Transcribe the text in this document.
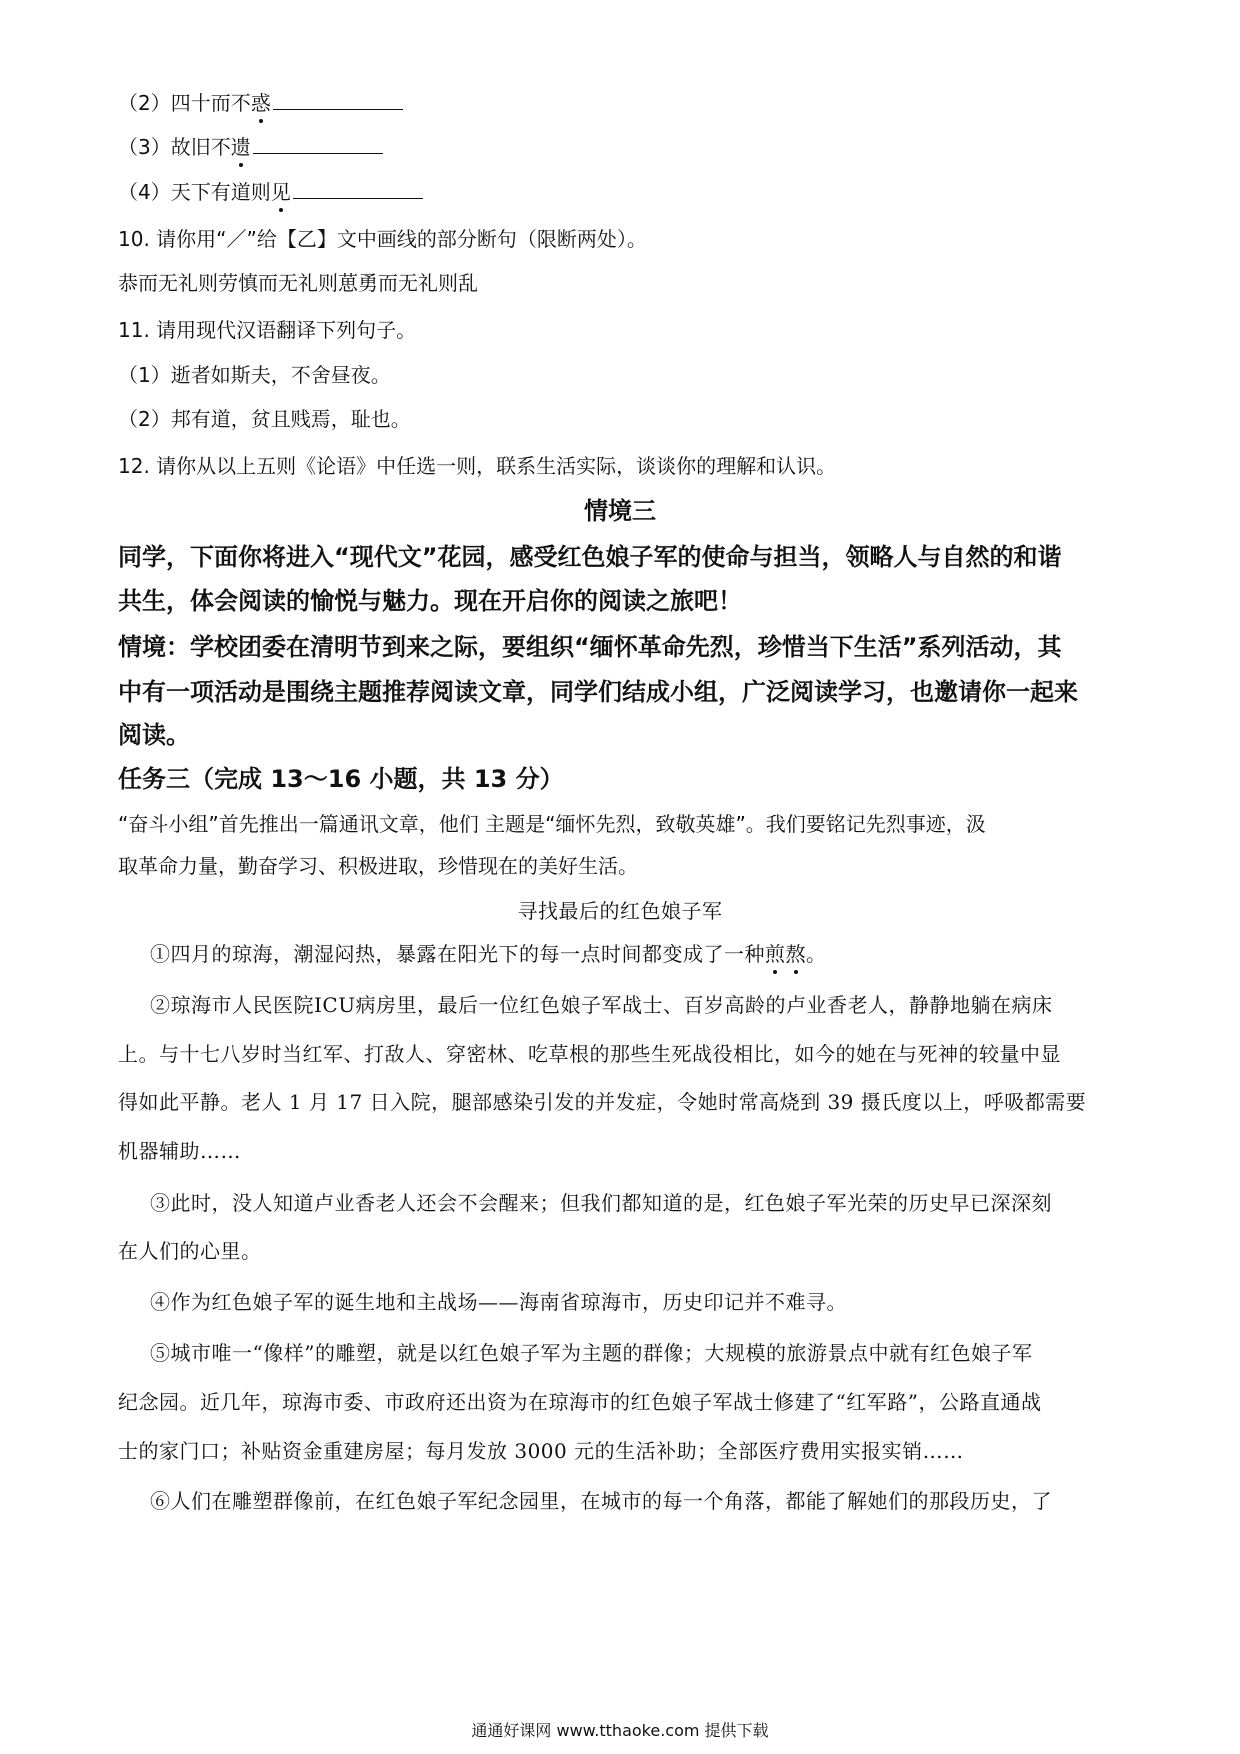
（2）四十而不惑
（3）故旧不遗
（4）天下有道则见
10. 请你用“／”给【乙】文中画线的部分断句（限断两处）。
恭而无礼则劳慎而无礼则葸勇而无礼则乱
11. 请用现代汉语翻译下列句子。
（1）逝者如斯夫，不舍昼夜。
（2）邦有道，贫且贱焉，耻也。
12. 请你从以上五则《论语》中任选一则，联系生活实际，谈谈你的理解和认识。
情境三
同学，下面你将进入“现代文”花园，感受红色娘子军的使命与担当，领略人与自然的和谐
共生，体会阅读的愉悦与魅力。现在开启你的阅读之旅吧！
情境：学校团委在清明节到来之际，要组织“缅怀革命先烈，珍惜当下生活”系列活动，其
中有一项活动是围绕主题推荐阅读文章，同学们结成小组，广泛阅读学习，也邀请你一起来
阅读。
任务三（完成 13～16 小题，共 13 分）
“奋斗小组”首先推出一篇通讯文章，他们 主题是“缅怀先烈，致敬英雄”。我们要铭记先烈事迹，汲
取革命力量，勤奋学习、积极进取，珍惜现在的美好生活。
寻找最后的红色娘子军
①四月的琼海，潮湿闷热，暴露在阳光下的每一点时间都变成了一种煎熬。
②琼海市人民医院ICU病房里，最后一位红色娘子军战士、百岁高龄的卢业香老人，静静地躺在病床
上。与十七八岁时当红军、打敌人、穿密林、吃草根的那些生死战役相比，如今的她在与死神的较量中显
得如此平静。老人 1 月 17 日入院，腿部感染引发的并发症，令她时常高烧到 39 摄氏度以上，呼吸都需要
机器辅助……
③此时，没人知道卢业香老人还会不会醒来；但我们都知道的是，红色娘子军光荣的历史早已深深刻
在人们的心里。
④作为红色娘子军的诞生地和主战场——海南省琼海市，历史印记并不难寻。
⑤城市唯一“像样”的雕塑，就是以红色娘子军为主题的群像；大规模的旅游景点中就有红色娘子军
纪念园。近几年，琼海市委、市政府还出资为在琼海市的红色娘子军战士修建了“红军路”，公路直通战
士的家门口；补贴资金重建房屋；每月发放 3000 元的生活补助；全部医疗费用实报实销……
⑥人们在雕塑群像前，在红色娘子军纪念园里，在城市的每一个角落，都能了解她们的那段历史，了
通通好课网 www.tthaoke.com 提供下载
